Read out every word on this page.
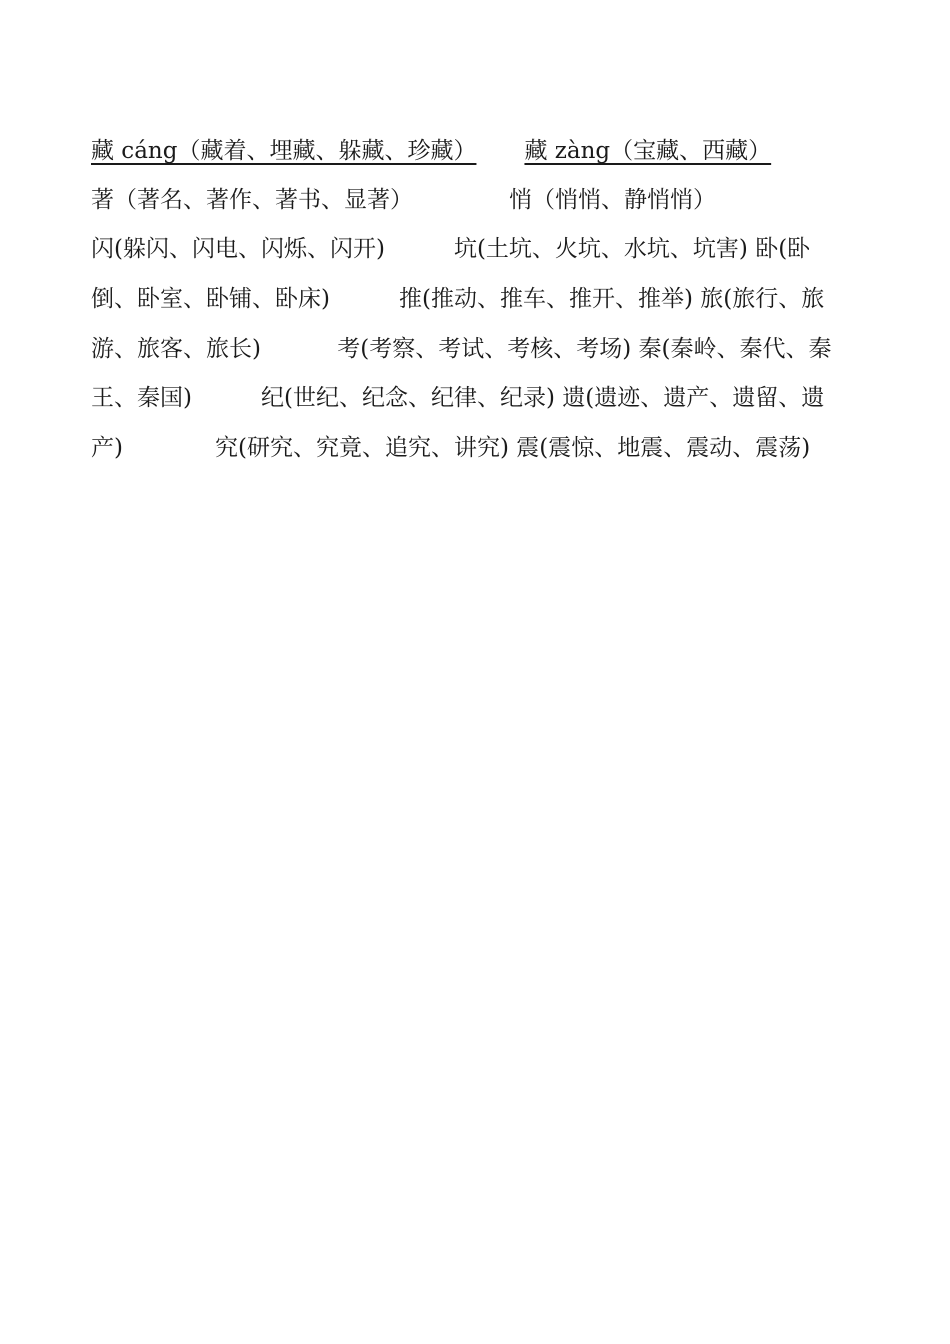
藏 cáng（藏着、埋藏、躲藏、珍藏） 藏 zàng（宝藏、西藏）
著（著名、著作、著书、显著）	悄（悄悄、静悄悄）
闪(躲闪、闪电、闪烁、闪开)　　　坑(土坑、火坑、水坑、坑害) 卧(卧
倒、卧室、卧铺、卧床)　　　推(推动、推车、推开、推举) 旅(旅行、旅
游、旅客、旅长)　　　 考(考察、考试、考核、考场) 秦(秦岭、秦代、秦
王、秦国)　　　纪(世纪、纪念、纪律、纪录) 遗(遗迹、遗产、遗留、遗
产)　　　　究(研究、究竟、追究、讲究) 震(震惊、地震、震动、震荡)
